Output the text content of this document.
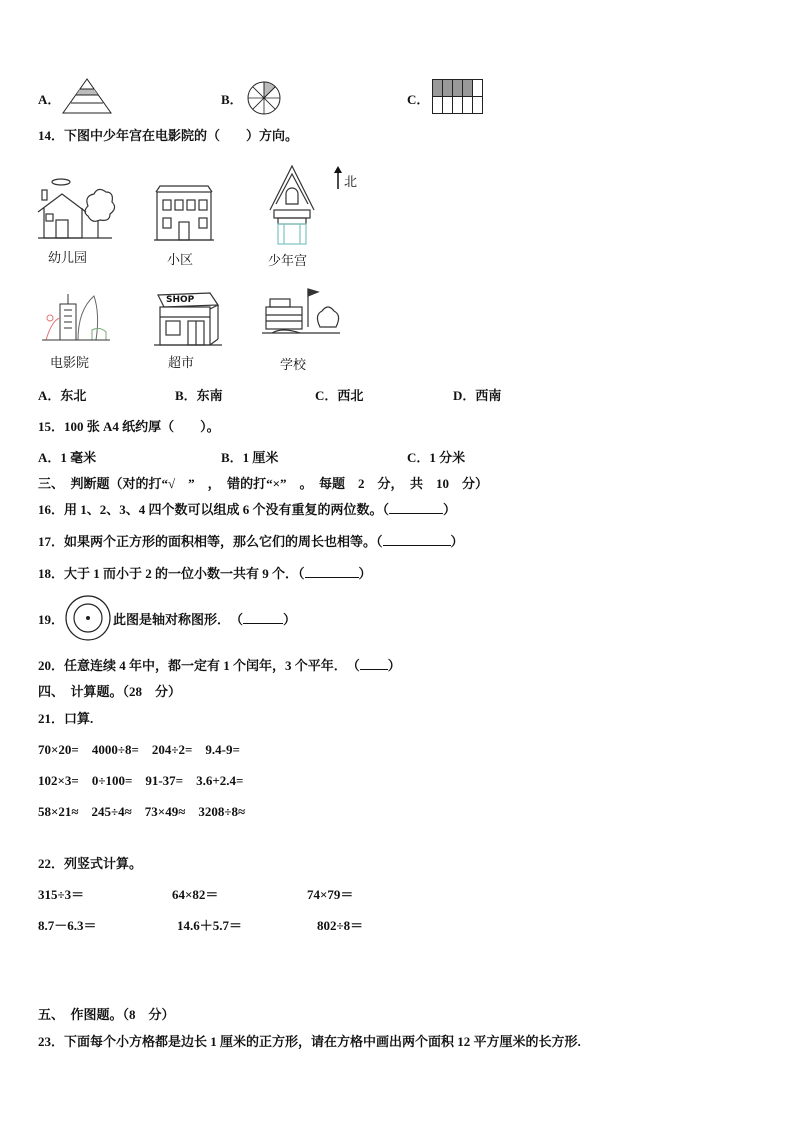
A．	B．	C．
14．下图中少年宫在电影院的（　　）方向。
北
幼儿园	小区	少年宫
电影院
SHOP
超市	学校
A．东北	B．东南	C．西北	D．西南
15．100 张 A4 纸约厚（　　）。
A．1 毫米	B．1 厘米	C．1 分米
三、　判断题（对的打“√　”　，　错的打“×”　。　每题　2　分，　共　10　分）
16．用 1、2、3、4 四个数可以组成 6 个没有重复的两位数。（	）
17．如果两个正方形的面积相等，那么它们的周长也相等。（	）
18．大于 1 而小于 2 的一位小数一共有 9 个．（	）
19．	此图是轴对称图形．　（	）
20．任意连续 4 年中，都一定有 1 个闰年，3 个平年．　（ ）
四、　计算题。（28　分）
21．口算.
70×20=　4000÷8=　204÷2=　9.4-9=
102×3=　0÷100=　91-37=　3.6+2.4=
58×21≈　245÷4≈　73×49≈　3208÷8≈
22．列竖式计算。
315÷3＝	64×82＝	74×79＝
8.7－6.3＝	14.6＋5.7＝	802÷8＝
五、　作图题。（8　分）
23．下面每个小方格都是边长 1 厘米的正方形，请在方格中画出两个面积 12 平方厘米的长方形.
